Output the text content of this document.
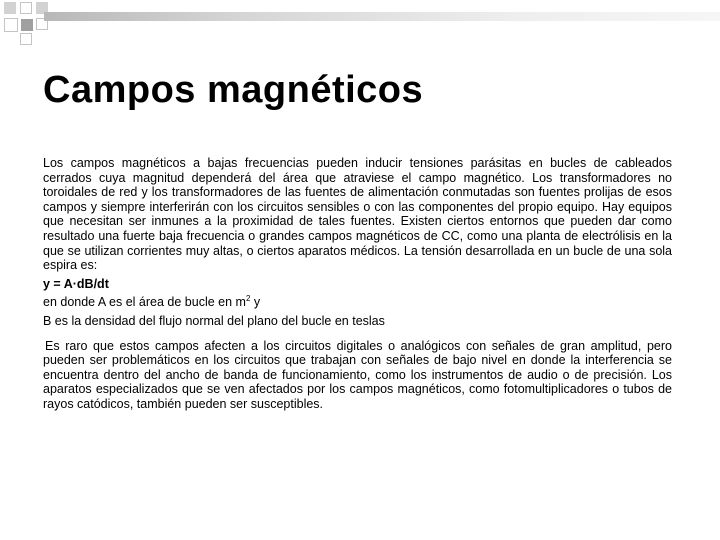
Campos magnéticos

Los campos magnéticos a bajas frecuencias pueden inducir tensiones parásitas en bucles de cableados cerrados cuya magnitud dependerá del área que atraviese el campo magnético. Los transformadores no toroidales de red y los transformadores de las fuentes de alimentación conmutadas son fuentes prolijas de esos campos y siempre interferirán con los circuitos sensibles o con las componentes del propio equipo. Hay equipos que necesitan ser inmunes a la proximidad de tales fuentes. Existen ciertos entornos que pueden dar como resultado una fuerte baja frecuencia o grandes campos magnéticos de CC, como una planta de electrólisis en la que se utilizan corrientes muy altas, o ciertos aparatos médicos. La tensión desarrollada en un bucle de una sola espira es:

y = A·dB/dt

en donde A es el área de bucle en $m^2$ y

B es la densidad del flujo normal del plano del bucle en teslas

Es raro que estos campos afecten a los circuitos digitales o analógicos con señales de gran amplitud, pero pueden ser problemáticos en los circuitos que trabajan con señales de bajo nivel en donde la interferencia se encuentra dentro del ancho de banda de funcionamiento, como los instrumentos de audio o de precisión. Los aparatos especializados que se ven afectados por los campos magnéticos, como fotomultiplicadores o tubos de rayos catódicos, también pueden ser susceptibles.
